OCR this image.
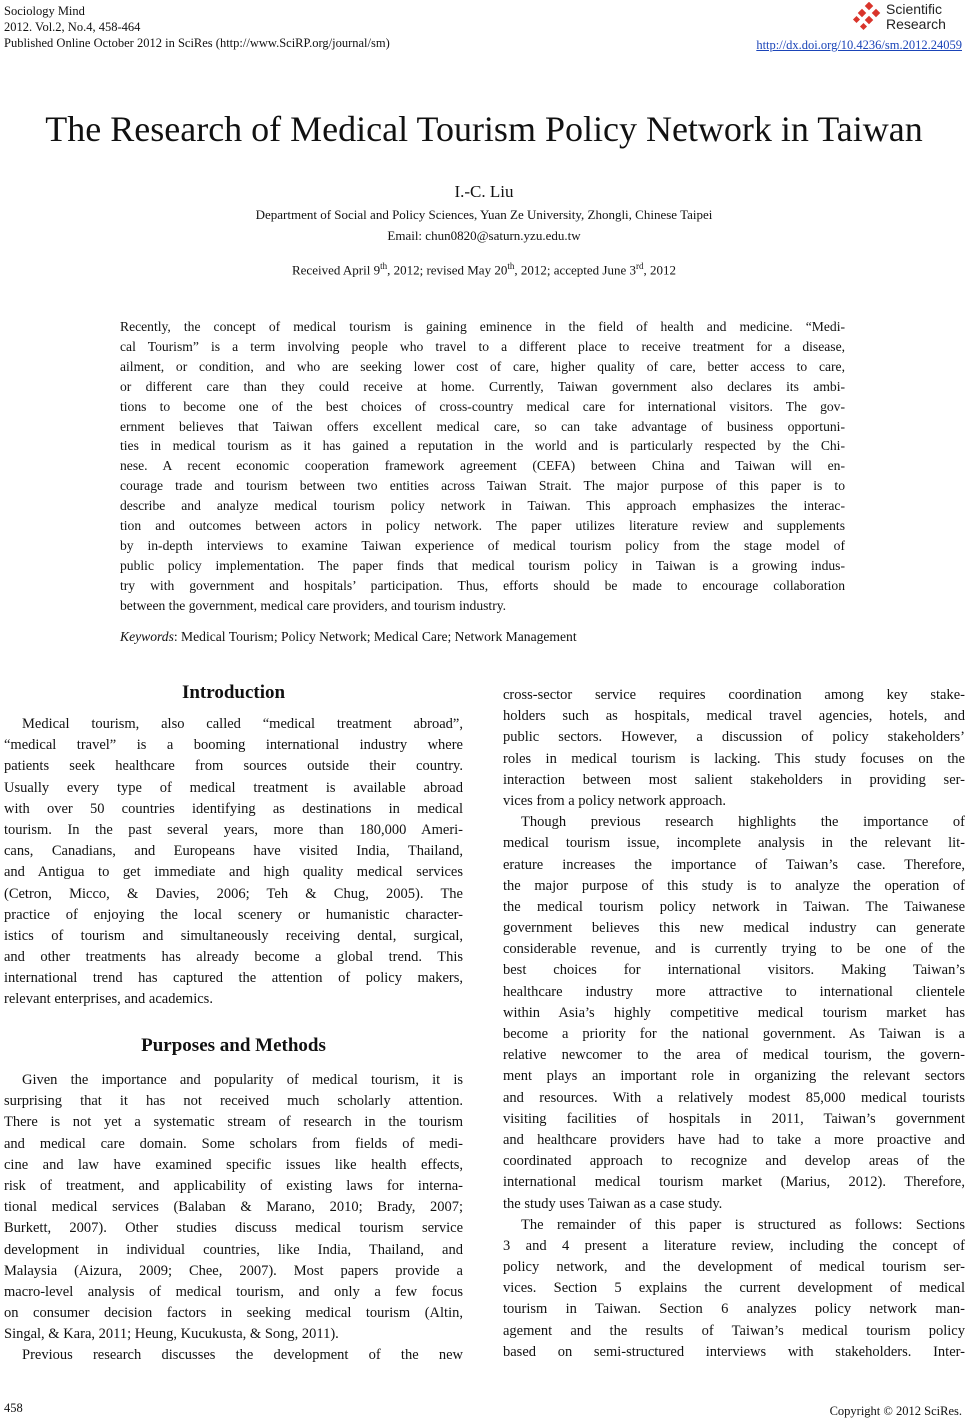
Sociology Mind
2012. Vol.2, No.4, 458-464
Published Online October 2012 in SciRes (http://www.SciRP.org/journal/sm)
Scientific
Research
http://dx.doi.org/10.4236/sm.2012.24059
The Research of Medical Tourism Policy Network in Taiwan
I.-C. Liu
Department of Social and Policy Sciences, Yuan Ze University, Zhongli, Chinese Taipei
Email: chun0820@saturn.yzu.edu.tw
Received April 9th, 2012; revised May 20th, 2012; accepted June 3rd, 2012
Recently, the concept of medical tourism is gaining eminence in the field of health and medicine. “Medi-
cal Tourism” is a term involving people who travel to a different place to receive treatment for a disease,
ailment, or condition, and who are seeking lower cost of care, higher quality of care, better access to care,
or different care than they could receive at home. Currently, Taiwan government also declares its ambi-
tions to become one of the best choices of cross-country medical care for international visitors. The gov-
ernment believes that Taiwan offers excellent medical care, so can take advantage of business opportuni-
ties in medical tourism as it has gained a reputation in the world and is particularly respected by the Chi-
nese. A recent economic cooperation framework agreement (CEFA) between China and Taiwan will en-
courage trade and tourism between two entities across Taiwan Strait. The major purpose of this paper is to
describe and analyze medical tourism policy network in Taiwan. This approach emphasizes the interac-
tion and outcomes between actors in policy network. The paper utilizes literature review and supplements
by in-depth interviews to examine Taiwan experience of medical tourism policy from the stage model of
public policy implementation. The paper finds that medical tourism policy in Taiwan is a growing indus-
try with government and hospitals’ participation. Thus, efforts should be made to encourage collaboration
between the government, medical care providers, and tourism industry.
Keywords: Medical Tourism; Policy Network; Medical Care; Network Management
Introduction
Medical tourism, also called “medical treatment abroad”,
“medical travel” is a booming international industry where
patients seek healthcare from sources outside their country.
Usually every type of medical treatment is available abroad
with over 50 countries identifying as destinations in medical
tourism. In the past several years, more than 180,000 Ameri-
cans, Canadians, and Europeans have visited India, Thailand,
and Antigua to get immediate and high quality medical services
(Cetron, Micco, & Davies, 2006; Teh & Chug, 2005). The
practice of enjoying the local scenery or humanistic character-
istics of tourism and simultaneously receiving dental, surgical,
and other treatments has already become a global trend. This
international trend has captured the attention of policy makers,
relevant enterprises, and academics.
Purposes and Methods
Given the importance and popularity of medical tourism, it is
surprising that it has not received much scholarly attention.
There is not yet a systematic stream of research in the tourism
and medical care domain. Some scholars from fields of medi-
cine and law have examined specific issues like health effects,
risk of treatment, and applicability of existing laws for interna-
tional medical services (Balaban & Marano, 2010; Brady, 2007;
Burkett, 2007). Other studies discuss medical tourism service
development in individual countries, like India, Thailand, and
Malaysia (Aizura, 2009; Chee, 2007). Most papers provide a
macro-level analysis of medical tourism, and only a few focus
on consumer decision factors in seeking medical tourism (Altin,
Singal, & Kara, 2011; Heung, Kucukusta, & Song, 2011).
Previous research discusses the development of the new
cross-sector service requires coordination among key stake-
holders such as hospitals, medical travel agencies, hotels, and
public sectors. However, a discussion of policy stakeholders’
roles in medical tourism is lacking. This study focuses on the
interaction between most salient stakeholders in providing ser-
vices from a policy network approach.
Though previous research highlights the importance of
medical tourism issue, incomplete analysis in the relevant lit-
erature increases the importance of Taiwan’s case. Therefore,
the major purpose of this study is to analyze the operation of
the medical tourism policy network in Taiwan. The Taiwanese
government believes this new medical industry can generate
considerable revenue, and is currently trying to be one of the
best choices for international visitors. Making Taiwan’s
healthcare industry more attractive to international clientele
within Asia’s highly competitive medical tourism market has
become a priority for the national government. As Taiwan is a
relative newcomer to the area of medical tourism, the govern-
ment plays an important role in organizing the relevant sectors
and resources. With a relatively modest 85,000 medical tourists
visiting facilities of hospitals in 2011, Taiwan’s government
and healthcare providers have had to take a more proactive and
coordinated approach to recognize and develop areas of the
international medical tourism market (Marius, 2012). Therefore,
the study uses Taiwan as a case study.
The remainder of this paper is structured as follows: Sections
3 and 4 present a literature review, including the concept of
policy network, and the development of medical tourism ser-
vices. Section 5 explains the current development of medical
tourism in Taiwan. Section 6 analyzes policy network man-
agement and the results of Taiwan’s medical tourism policy
based on semi-structured interviews with stakeholders. Inter-
458	Copyright © 2012 SciRes.
